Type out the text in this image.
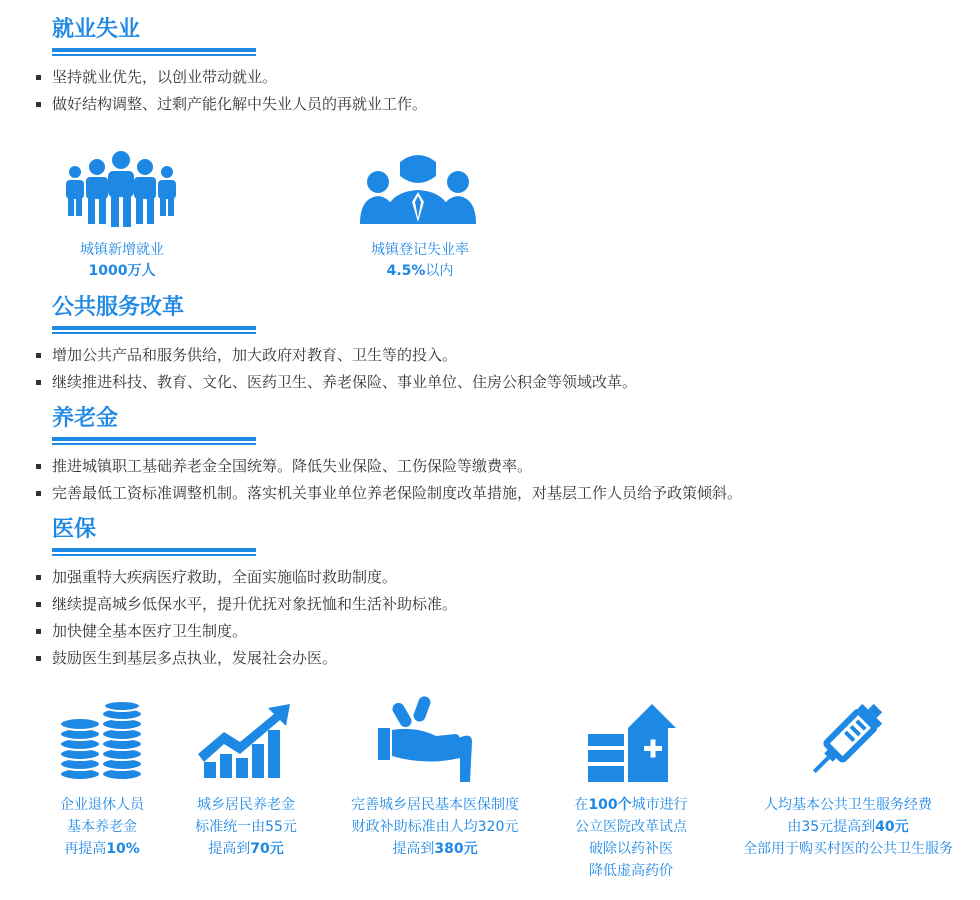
就业失业
坚持就业优先，以创业带动就业。
做好结构调整、过剩产能化解中失业人员的再就业工作。
城镇新增就业
1000万人
城镇登记失业率
4.5%以内
公共服务改革
增加公共产品和服务供给，加大政府对教育、卫生等的投入。
继续推进科技、教育、文化、医药卫生、养老保险、事业单位、住房公积金等领域改革。
养老金
推进城镇职工基础养老金全国统筹。降低失业保险、工伤保险等缴费率。
完善最低工资标准调整机制。落实机关事业单位养老保险制度改革措施，对基层工作人员给予政策倾斜。
医保
加强重特大疾病医疗救助，全面实施临时救助制度。
继续提高城乡低保水平，提升优抚对象抚恤和生活补助标准。
加快健全基本医疗卫生制度。
鼓励医生到基层多点执业，发展社会办医。
企业退休人员
基本养老金
再提高10%
城乡居民养老金
标准统一由55元
提高到70元
完善城乡居民基本医保制度
财政补助标准由人均320元
提高到380元
在100个城市进行
公立医院改革试点
破除以药补医
降低虚高药价
人均基本公共卫生服务经费
由35元提高到40元
全部用于购买村医的公共卫生服务
